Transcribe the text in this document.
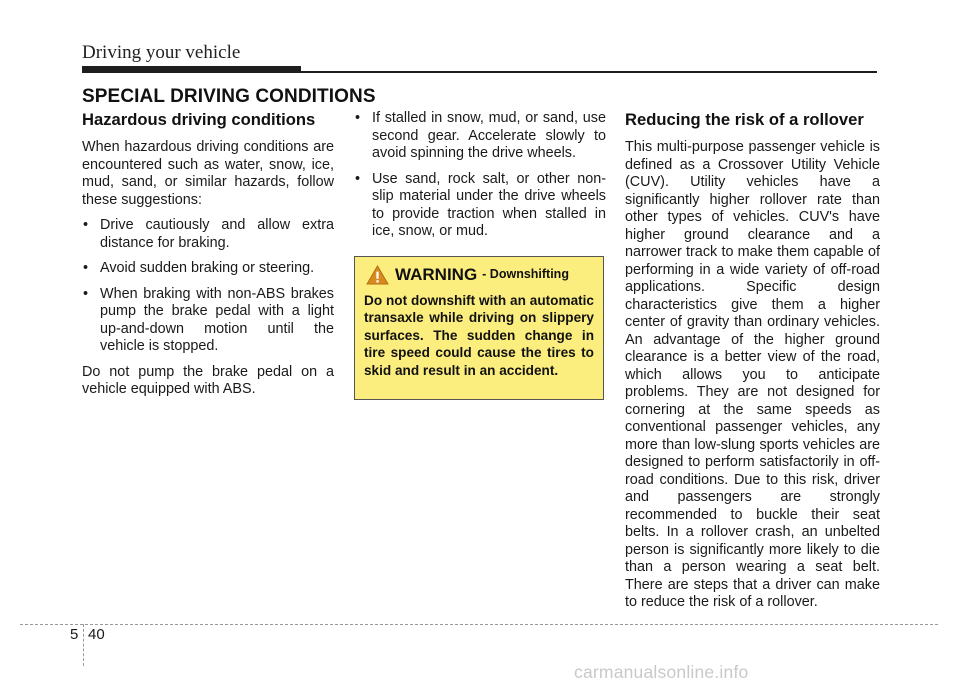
Driving your vehicle
SPECIAL DRIVING CONDITIONS
Hazardous driving conditions

When hazardous driving conditions are encountered such as water, snow, ice, mud, sand, or similar hazards, follow these suggestions:

• Drive cautiously and allow extra distance for braking.
• Avoid sudden braking or steering.
• When braking with non-ABS brakes pump the brake pedal with a light up-and-down motion until the vehicle is stopped.

Do not pump the brake pedal on a vehicle equipped with ABS.

• If stalled in snow, mud, or sand, use second gear. Accelerate slowly to avoid spinning the drive wheels.
• Use sand, rock salt, or other non-slip material under the drive wheels to provide traction when stalled in ice, snow, or mud.
WARNING - Downshifting
Do not downshift with an automatic transaxle while driving on slippery surfaces. The sudden change in tire speed could cause the tires to skid and result in an accident.
Reducing the risk of a rollover

This multi-purpose passenger vehicle is defined as a Crossover Utility Vehicle (CUV). Utility vehicles have a significantly higher rollover rate than other types of vehicles. CUV's have higher ground clearance and a narrower track to make them capable of performing in a wide variety of off-road applications. Specific design characteristics give them a higher center of gravity than ordinary vehicles. An advantage of the higher ground clearance is a better view of the road, which allows you to anticipate problems. They are not designed for cornering at the same speeds as conventional passenger vehicles, any more than low-slung sports vehicles are designed to perform satisfactorily in off-road conditions. Due to this risk, driver and passengers are strongly recommended to buckle their seat belts. In a rollover crash, an unbelted person is significantly more likely to die than a person wearing a seat belt. There are steps that a driver can make to reduce the risk of a rollover.

5 40
carmanualsonline.info
